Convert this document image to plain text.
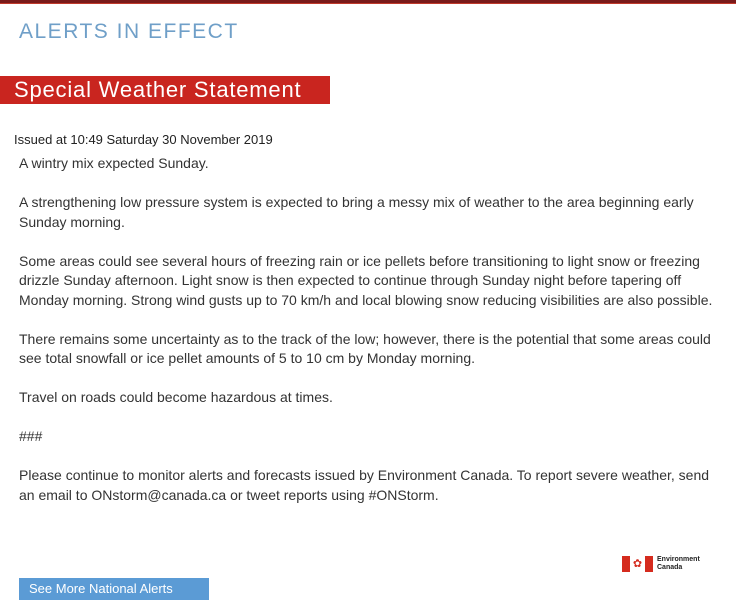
ALERTS IN EFFECT
Special Weather Statement
Issued at 10:49 Saturday 30 November 2019

A wintry mix expected Sunday.

A strengthening low pressure system is expected to bring a messy mix of weather to the area beginning early Sunday morning.

Some areas could see several hours of freezing rain or ice pellets before transitioning to light snow or freezing drizzle Sunday afternoon. Light snow is then expected to continue through Sunday night before tapering off Monday morning. Strong wind gusts up to 70 km/h and local blowing snow reducing visibilities are also possible.

There remains some uncertainty as to the track of the low; however, there is the potential that some areas could see total snowfall or ice pellet amounts of 5 to 10 cm by Monday morning.

Travel on roads could become hazardous at times.

###

Please continue to monitor alerts and forecasts issued by Environment Canada. To report severe weather, send an email to ONstorm@canada.ca or tweet reports using #ONStorm.

✿	Environment
Canada
See More National Alerts
